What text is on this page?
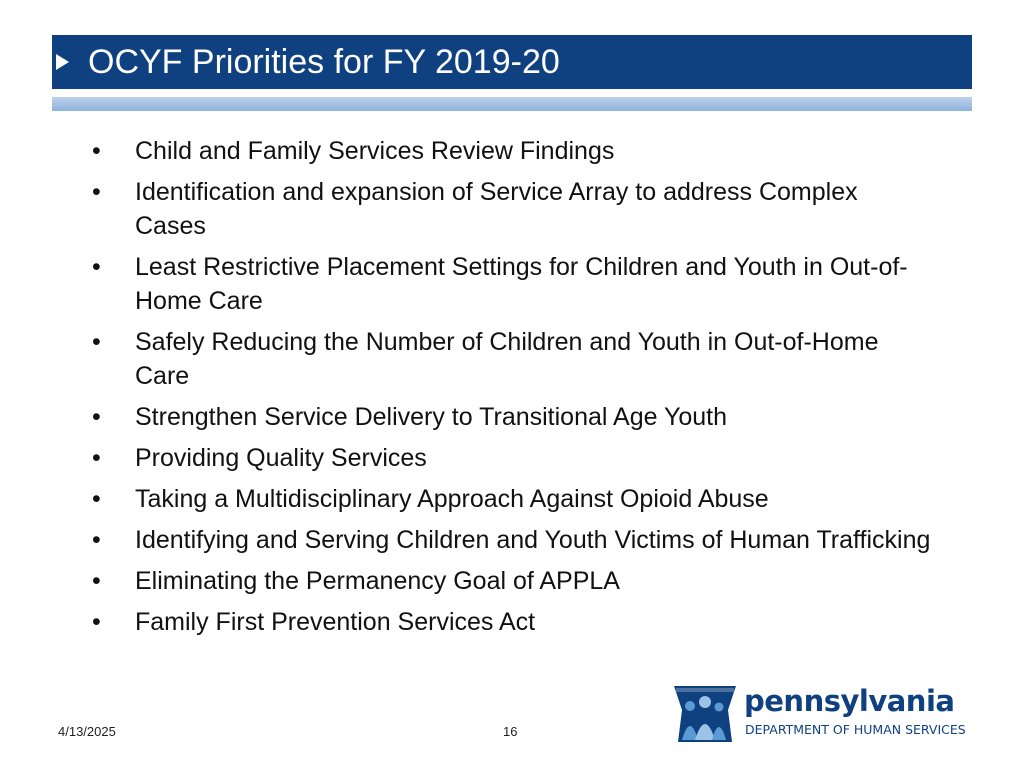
OCYF Priorities for FY 2019-20
•	Child and Family Services Review Findings
•	Identification and expansion of Service Array to address Complex Cases
•	Least Restrictive Placement Settings for Children and Youth in Out-of-Home Care
•	Safely Reducing the Number of Children and Youth in Out-of-Home Care
•	Strengthen Service Delivery to Transitional Age Youth
•	Providing Quality Services
•	Taking a Multidisciplinary Approach Against Opioid Abuse
•	Identifying and Serving Children and Youth Victims of Human Trafficking
•	Eliminating the Permanency Goal of APPLA
•	Family First Prevention Services Act
4/13/2025	16
pennsylvania
DEPARTMENT OF HUMAN SERVICES
